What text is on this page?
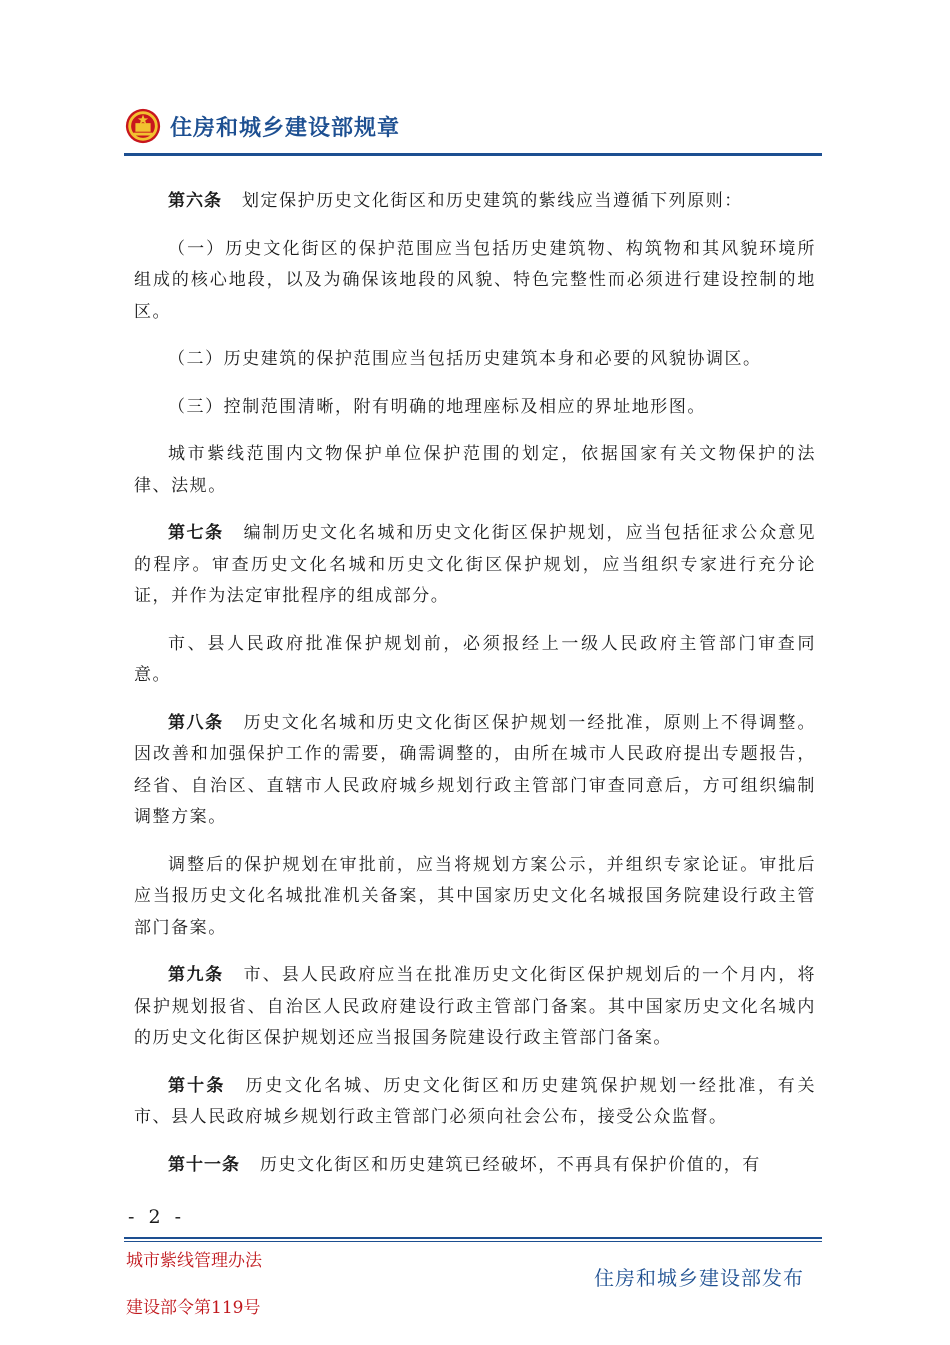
住房和城乡建设部规章

第六条 划定保护历史文化街区和历史建筑的紫线应当遵循下列原则：

（一）历史文化街区的保护范围应当包括历史建筑物、构筑物和其风貌环境所组成的核心地段，以及为确保该地段的风貌、特色完整性而必须进行建设控制的地区。

（二）历史建筑的保护范围应当包括历史建筑本身和必要的风貌协调区。

（三）控制范围清晰，附有明确的地理座标及相应的界址地形图。

城市紫线范围内文物保护单位保护范围的划定，依据国家有关文物保护的法律、法规。

第七条 编制历史文化名城和历史文化街区保护规划，应当包括征求公众意见的程序。审查历史文化名城和历史文化街区保护规划，应当组织专家进行充分论证，并作为法定审批程序的组成部分。

市、县人民政府批准保护规划前，必须报经上一级人民政府主管部门审查同意。

第八条 历史文化名城和历史文化街区保护规划一经批准，原则上不得调整。因改善和加强保护工作的需要，确需调整的，由所在城市人民政府提出专题报告，经省、自治区、直辖市人民政府城乡规划行政主管部门审查同意后，方可组织编制调整方案。

调整后的保护规划在审批前，应当将规划方案公示，并组织专家论证。审批后应当报历史文化名城批准机关备案，其中国家历史文化名城报国务院建设行政主管部门备案。

第九条 市、县人民政府应当在批准历史文化街区保护规划后的一个月内，将保护规划报省、自治区人民政府建设行政主管部门备案。其中国家历史文化名城内的历史文化街区保护规划还应当报国务院建设行政主管部门备案。

第十条 历史文化名城、历史文化街区和历史建筑保护规划一经批准，有关市、县人民政府城乡规划行政主管部门必须向社会公布，接受公众监督。

第十一条 历史文化街区和历史建筑已经破坏，不再具有保护价值的，有

- 2 -
城市紫线管理办法
建设部令第119号
住房和城乡建设部发布
